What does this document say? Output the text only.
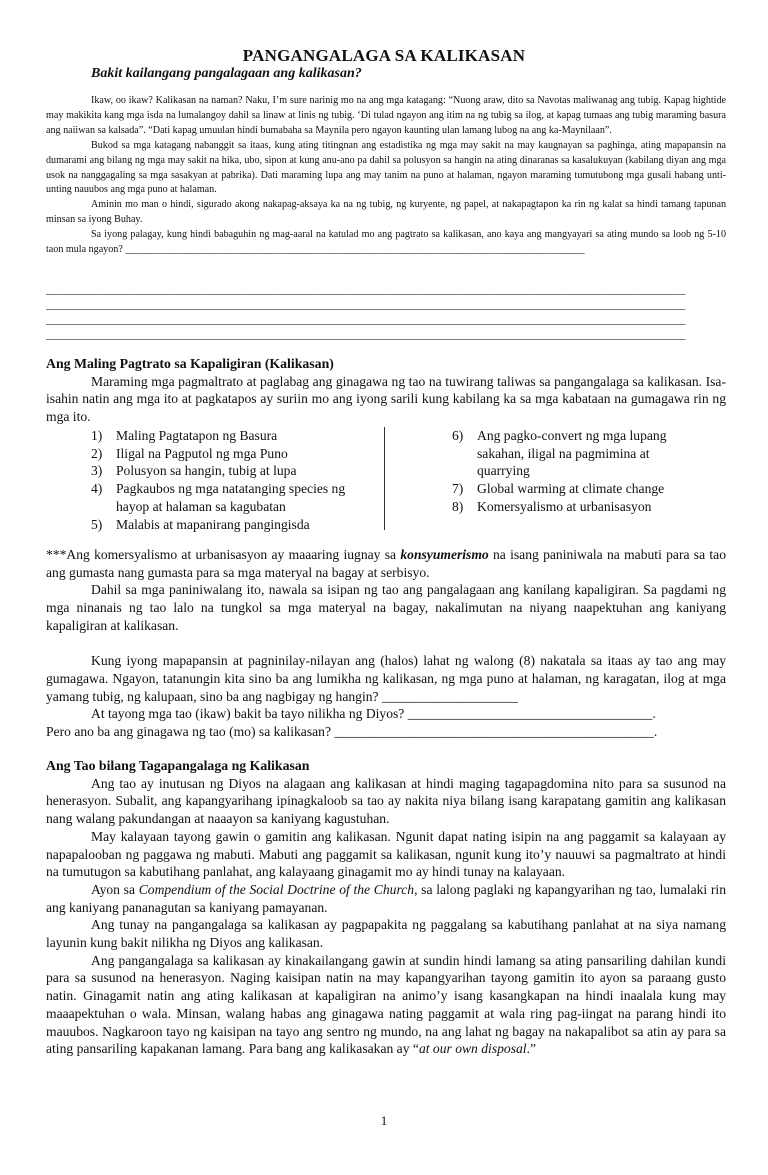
PANGANGALAGA SA KALIKASAN
Bakit kailangang pangalagaan ang kalikasan?

Ikaw, oo ikaw? Kalikasan na naman? Naku, I’m sure narinig mo na ang mga katagang: “Nuong araw, dito sa Navotas maliwanag ang tubig. Kapag hightide may makikita kang mga isda na lumalangoy dahil sa linaw at linis ng tubig. ‘Di tulad ngayon ang itim na ng tubig sa ilog, at kapag tumaas ang tubig maraming basura ang naiiwan sa kalsada”. “Dati kapag umuulan hindi bumabaha sa Maynila pero ngayon kaunting ulan lamang lubog na ang ka-Maynilaan”.

Bukod sa mga katagang nabanggit sa itaas, kung ating titingnan ang estadistika ng mga may sakit na may kaugnayan sa paghinga, ating mapapansin na dumarami ang bilang ng mga may sakit na hika, ubo, sipon at kung anu-ano pa dahil sa polusyon sa hangin na ating dinaranas sa kasalukuyan (kabilang diyan ang mga usok na nanggagaling sa mga sasakyan at pabrika). Dati maraming lupa ang may tanim na puno at halaman, ngayon maraming tumutubong mga gusali habang unti-unting nauubos ang mga puno at halaman.

Aminin mo man o hindi, sigurado akong nakapag-aksaya ka na ng tubig, ng kuryente, ng papel, at nakapagtapon ka rin ng kalat sa hindi tamang tapunan minsan sa iyong Buhay.

Sa iyong palagay, kung hindi babaguhin ng mag-aaral na katulad mo ang pagtrato sa kalikasan, ano kaya ang mangyayari sa ating mundo sa loob ng 5-10 taon mula ngayon? ___________________________________________________________________________________________

______________________________________________________________________________________________________________________________________________
______________________________________________________________________________________________________________________________________________
______________________________________________________________________________________________________________________________________________
______________________________________________________________________________________________________________________________________________
Ang Maling Pagtrato sa Kapaligiran (Kalikasan)

Maraming mga pagmaltrato at paglabag ang ginagawa ng tao na tuwirang taliwas sa pangangalaga sa kalikasan. Isa-isahin natin ang mga ito at pagkatapos ay suriin mo ang iyong sarili kung kabilang ka sa mga kabataan na gumagawa rin ng mga ito.

1)	Maling Pagtatapon ng Basura
2)	Iligal na Pagputol ng mga Puno
3)	Polusyon sa hangin, tubig at lupa
4)	Pagkaubos ng mga natatanging species ng hayop at halaman sa kagubatan
5)	Malabis at mapanirang pangingisda
6)	Ang pagko-convert ng mga lupang sakahan, iligal na pagmimina at quarrying
7)	Global warming at climate change
8)	Komersyalismo at urbanisasyon

***Ang komersyalismo at urbanisasyon ay maaaring iugnay sa konsyumerismo na isang paniniwala na mabuti para sa tao ang gumasta nang gumasta para sa mga materyal na bagay at serbisyo.

Dahil sa mga paniniwalang ito, nawala sa isipan ng tao ang pangalagaan ang kanilang kapaligiran. Sa pagdami ng mga ninanais ng tao lalo na tungkol sa mga materyal na bagay, nakalimutan na niyang naapektuhan ang kaniyang kapaligiran at kalikasan.

Kung iyong mapapansin at pagninilay-nilayan ang (halos) lahat ng walong (8) nakatala sa itaas ay tao ang may gumagawa. Ngayon, tatanungin kita sino ba ang lumikha ng kalikasan, ng mga puno at halaman, ng karagatan, ilog at mga yamang tubig, ng kalupaan, sino ba ang nagbigay ng hangin? ____________________

At tayong mga tao (ikaw) bakit ba tayo nilikha ng Diyos? ____________________________________.

Pero ano ba ang ginagawa ng tao (mo) sa kalikasan? _______________________________________________.

Ang Tao bilang Tagapangalaga ng Kalikasan

Ang tao ay inutusan ng Diyos na alagaan ang kalikasan at hindi maging tagapagdomina nito para sa susunod na henerasyon. Subalit, ang kapangyarihang ipinagkaloob sa tao ay nakita niya bilang isang karapatang gamitin ang kalikasan nang walang pakundangan at naaayon sa kaniyang kagustuhan.

May kalayaan tayong gawin o gamitin ang kalikasan. Ngunit dapat nating isipin na ang paggamit sa kalayaan ay napapalooban ng paggawa ng mabuti. Mabuti ang paggamit sa kalikasan, ngunit kung ito’y nauuwi sa pagmaltrato at hindi na tumutugon sa kabutihang panlahat, ang kalayaang ginagamit mo ay hindi tunay na kalayaan.

Ayon sa Compendium of the Social Doctrine of the Church, sa lalong paglaki ng kapangyarihan ng tao, lumalaki rin ang kaniyang pananagutan sa kaniyang pamayanan.

Ang tunay na pangangalaga sa kalikasan ay pagpapakita ng paggalang sa kabutihang panlahat at na siya namang layunin kung bakit nilikha ng Diyos ang kalikasan.

Ang pangangalaga sa kalikasan ay kinakailangang gawin at sundin hindi lamang sa ating pansariling dahilan kundi para sa susunod na henerasyon. Naging kaisipan natin na may kapangyarihan tayong gamitin ito ayon sa paraang gusto natin. Ginagamit natin ang ating kalikasan at kapaligiran na animo’y isang kasangkapan na hindi inaalala kung may maaapektuhan o wala. Minsan, walang habas ang ginagawa nating paggamit at wala ring pag-iingat na parang hindi ito mauubos. Nagkaroon tayo ng kaisipan na tayo ang sentro ng mundo, na ang lahat ng bagay na nakapalibot sa atin ay para sa ating pansariling kapakanan lamang. Para bang ang kalikasakan ay “at our own disposal.”

1
